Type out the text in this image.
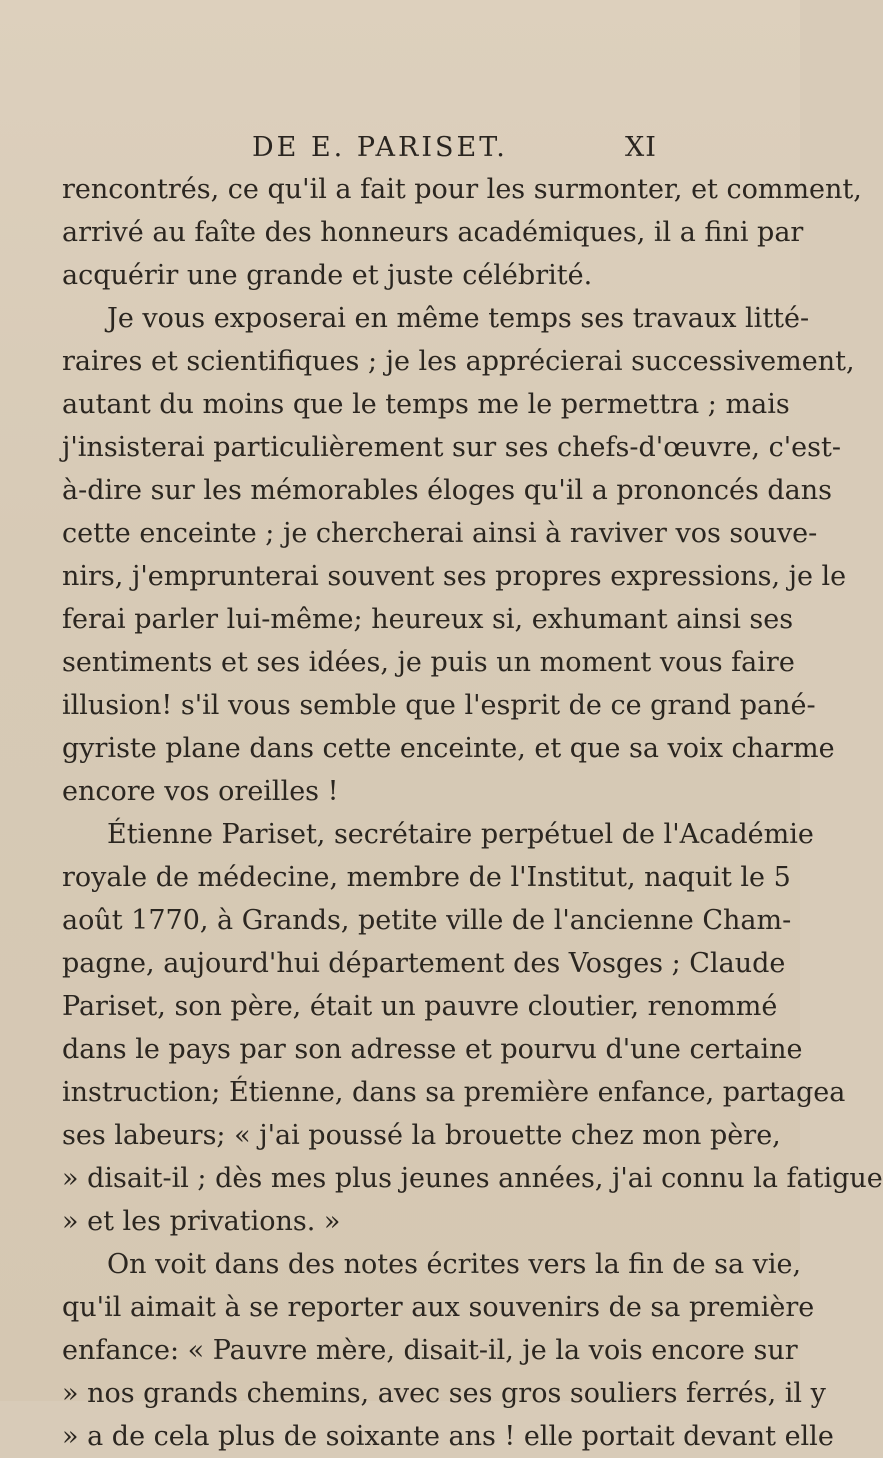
DE E. PARISET.	XI
rencontrés, ce qu'il a fait pour les surmonter, et comment,
arrivé au faîte des honneurs académiques, il a fini par
acquérir une grande et juste célébrité.
Je vous exposerai en même temps ses travaux litté-
raires et scientifiques ; je les apprécierai successivement,
autant du moins que le temps me le permettra ; mais
j'insisterai particulièrement sur ses chefs-d'œuvre, c'est-
à-dire sur les mémorables éloges qu'il a prononcés dans
cette enceinte ; je chercherai ainsi à raviver vos souve-
nirs, j'emprunterai souvent ses propres expressions, je le
ferai parler lui-même; heureux si, exhumant ainsi ses
sentiments et ses idées, je puis un moment vous faire
illusion! s'il vous semble que l'esprit de ce grand pané-
gyriste plane dans cette enceinte, et que sa voix charme
encore vos oreilles !
Étienne Pariset, secrétaire perpétuel de l'Académie
royale de médecine, membre de l'Institut, naquit le 5
août 1770, à Grands, petite ville de l'ancienne Cham-
pagne, aujourd'hui département des Vosges ; Claude
Pariset, son père, était un pauvre cloutier, renommé
dans le pays par son adresse et pourvu d'une certaine
instruction; Étienne, dans sa première enfance, partagea
ses labeurs; « j'ai poussé la brouette chez mon père,
» disait-il ; dès mes plus jeunes années, j'ai connu la fatigue
» et les privations. »
On voit dans des notes écrites vers la fin de sa vie,
qu'il aimait à se reporter aux souvenirs de sa première
enfance: « Pauvre mère, disait-il, je la vois encore sur
» nos grands chemins, avec ses gros souliers ferrés, il y
» a de cela plus de soixante ans ! elle portait devant elle
